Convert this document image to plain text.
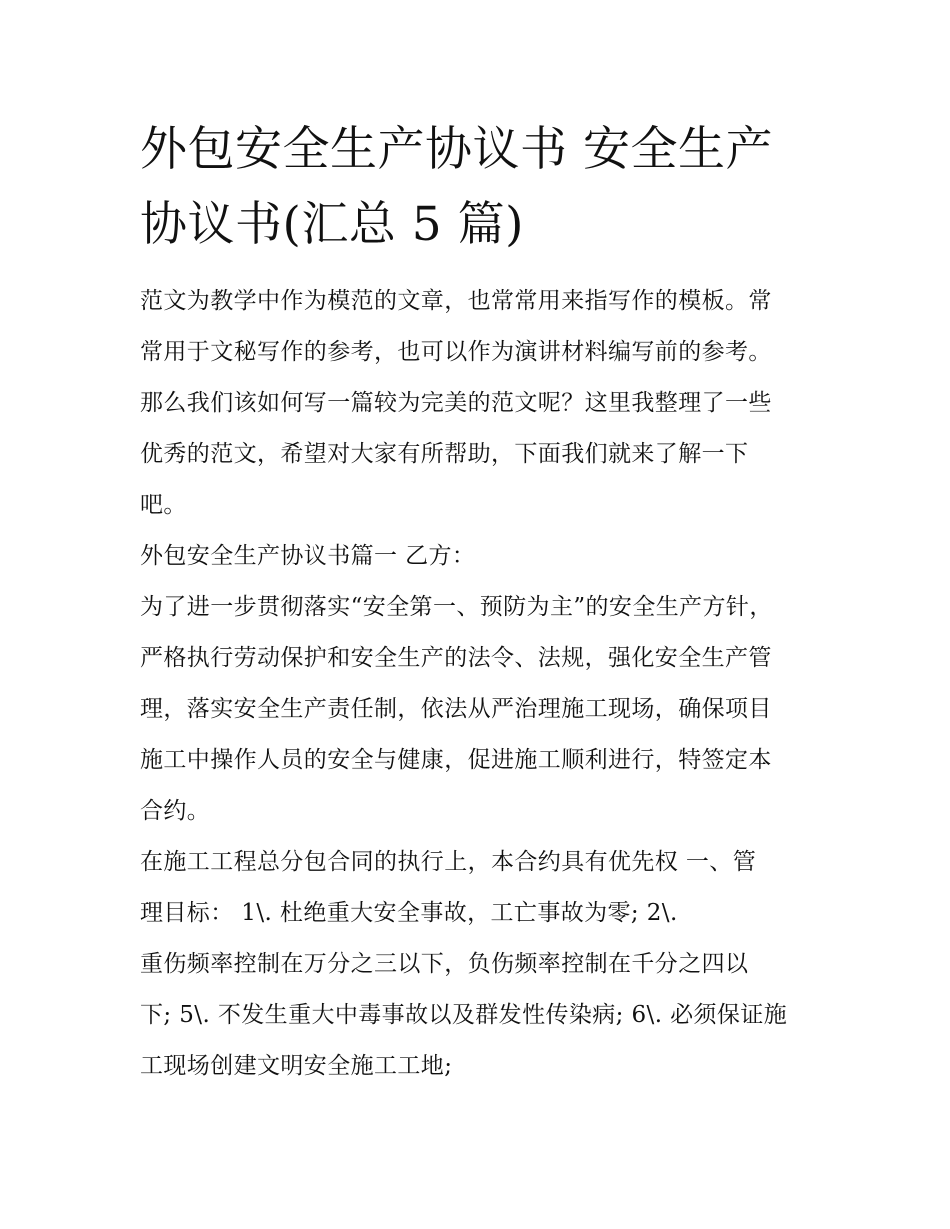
外包安全生产协议书 安全生产
协议书(汇总 5 篇)
范文为教学中作为模范的文章，也常常用来指写作的模板。常
常用于文秘写作的参考，也可以作为演讲材料编写前的参考。
那么我们该如何写一篇较为完美的范文呢？这里我整理了一些
优秀的范文，希望对大家有所帮助，下面我们就来了解一下
吧。
外包安全生产协议书篇一 乙方：
为了进一步贯彻落实“安全第一、预防为主”的安全生产方针，
严格执行劳动保护和安全生产的法令、法规，强化安全生产管
理，落实安全生产责任制，依法从严治理施工现场，确保项目
施工中操作人员的安全与健康，促进施工顺利进行，特签定本
合约。
在施工工程总分包合同的执行上，本合约具有优先权 一、管
理目标： 1\. 杜绝重大安全事故，工亡事故为零; 2\.
重伤频率控制在万分之三以下，负伤频率控制在千分之四以
下; 5\. 不发生重大中毒事故以及群发性传染病; 6\. 必须保证施
工现场创建文明安全施工工地;
